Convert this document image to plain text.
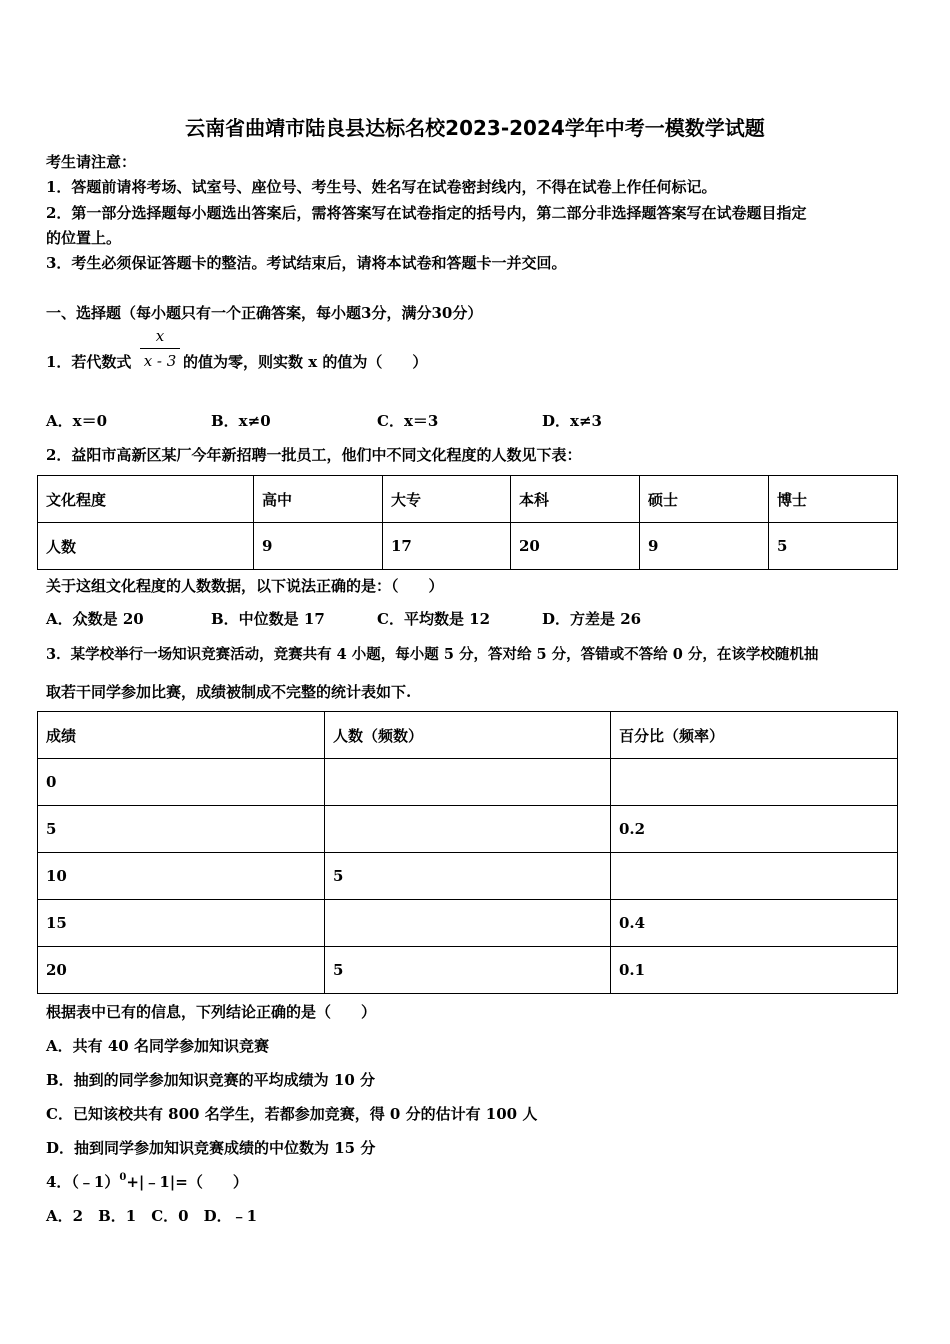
云南省曲靖市陆良县达标名校2023-2024学年中考一模数学试题
考生请注意：
1．答题前请将考场、试室号、座位号、考生号、姓名写在试卷密封线内，不得在试卷上作任何标记。
2．第一部分选择题每小题选出答案后，需将答案写在试卷指定的括号内，第二部分非选择题答案写在试卷题目指定
的位置上。
3．考生必须保证答题卡的整洁。考试结束后，请将本试卷和答题卡一并交回。
一、选择题（每小题只有一个正确答案，每小题3分，满分30分）
1．若代数式
x
x - 3 的值为零，则实数 x 的值为（　　）
A．x＝0	B．x≠0	C．x＝3	D．x≠3
2．益阳市高新区某厂今年新招聘一批员工，他们中不同文化程度的人数见下表：
文化程度	高中	大专	本科	硕士	博士
人数	9	17	20	9	5
关于这组文化程度的人数数据，以下说法正确的是：（　　）
A．众数是 20	B．中位数是 17	C．平均数是 12	D．方差是 26
3．某学校举行一场知识竞赛活动，竞赛共有 4 小题，每小题 5 分，答对给 5 分，答错或不答给 0 分，在该学校随机抽
取若干同学参加比赛，成绩被制成不完整的统计表如下.
成绩	人数（频数）	百分比（频率）
0		
5		0.2
10	5	
15		0.4
20	5	0.1
根据表中已有的信息，下列结论正确的是（　　）
A．共有 40 名同学参加知识竞赛
B．抽到的同学参加知识竞赛的平均成绩为 10 分
C．已知该校共有 800 名学生，若都参加竞赛，得 0 分的估计有 100 人
D．抽到同学参加知识竞赛成绩的中位数为 15 分
4．（﹣1）$^0$+|﹣1|=（　　）
A．2　B．1　C．0　D．﹣1
